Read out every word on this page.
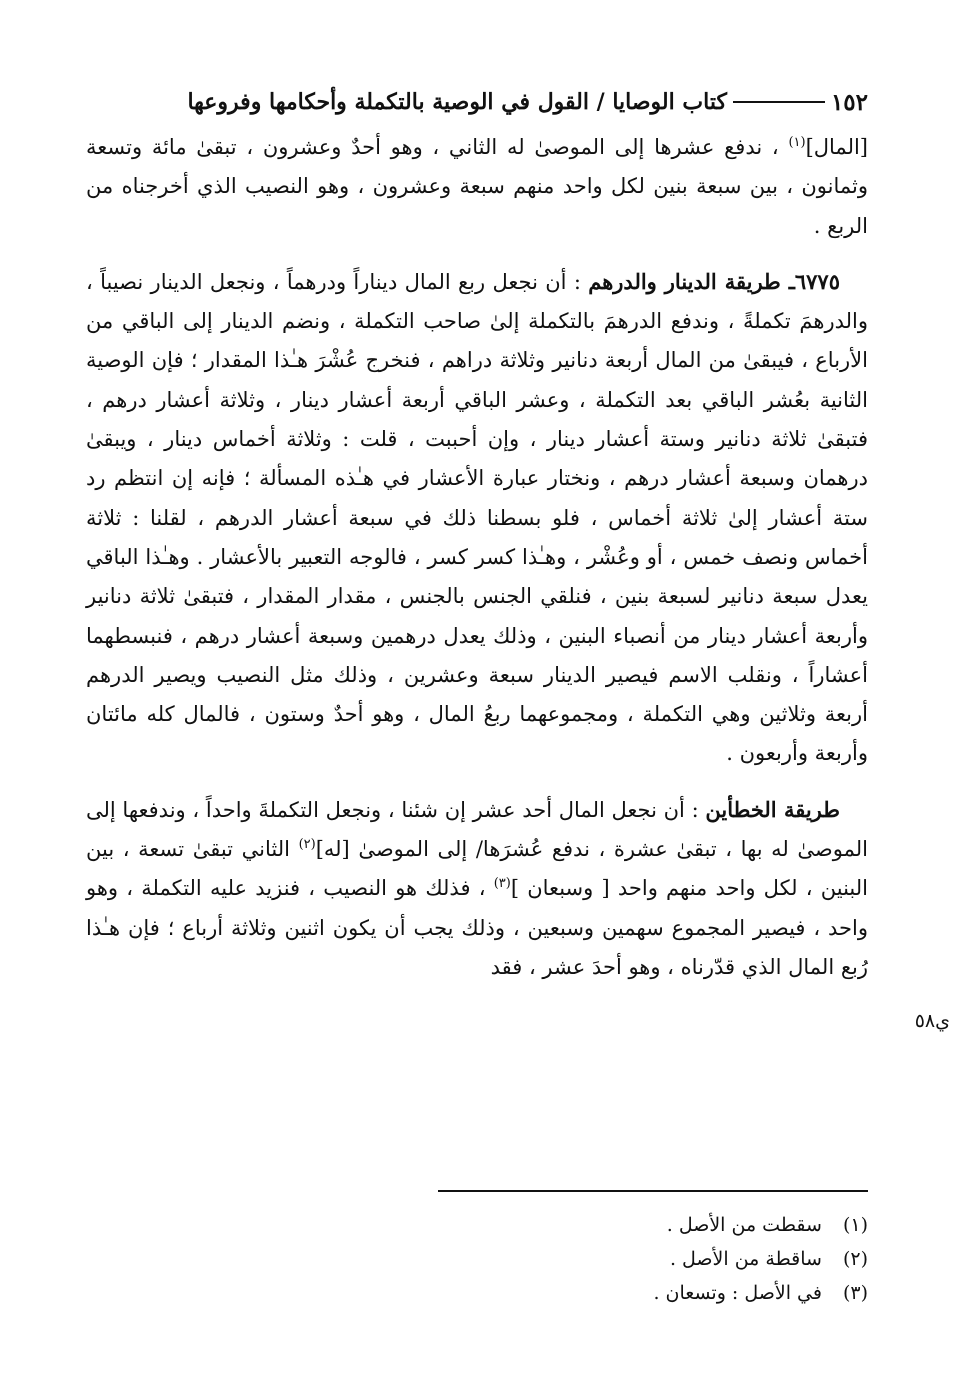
١٥٢
كتاب الوصايا / القول في الوصية بالتكملة وأحكامها وفروعها

[المال]$^{(١)}$ ، ندفع عشرها إلى الموصىٰ له الثاني ، وهو أحدٌ وعشرون ، تبقىٰ مائة وتسعة وثمانون ، بين سبعة بنين لكل واحد منهم سبعة وعشرون ، وهو النصيب الذي أخرجناه من الربع .

٦٧٧٥ـ طريقة الدينار والدرهم : أن نجعل ربع المال ديناراً ودرهماً ، ونجعل الدينار نصيباً ، والدرهمَ تكملةً ، وندفع الدرهمَ بالتكملة إلىٰ صاحب التكملة ، ونضم الدينار إلى الباقي من الأرباع ، فيبقىٰ من المال أربعة دنانير وثلاثة دراهم ، فنخرج عُشْرَ هـٰذا المقدار ؛ فإن الوصية الثانية بعُشر الباقي بعد التكملة ، وعشر الباقي أربعة أعشار دينار ، وثلاثة أعشار درهم ، فتبقىٰ ثلاثة دنانير وستة أعشار دينار ، وإن أحببت ، قلت : وثلاثة أخماس دينار ، ويبقىٰ درهمان وسبعة أعشار درهم ، ونختار عبارة الأعشار في هـٰذه المسألة ؛ فإنه إن انتظم رد ستة أعشار إلىٰ ثلاثة أخماس ، فلو بسطنا ذلك في سبعة أعشار الدرهم ، لقلنا : ثلاثة أخماس ونصف خمس ، أو وعُشْر ، وهـٰذا كسر كسر ، فالوجه التعبير بالأعشار . وهـٰذا الباقي يعدل سبعة دنانير لسبعة بنين ، فنلقي الجنس بالجنس ، مقدار المقدار ، فتبقىٰ ثلاثة دنانير وأربعة أعشار دينار من أنصباء البنين ، وذلك يعدل درهمين وسبعة أعشار درهم ، فنبسطهما أعشاراً ، ونقلب الاسم فيصير الدينار سبعة وعشرين ، وذلك مثل النصيب ويصير الدرهم أربعة وثلاثين وهي التكملة ، ومجموعهما ربعُ المال ، وهو أحدٌ وستون ، فالمال كله مائتان وأربعة وأربعون .

طريقة الخطأين : أن نجعل المال أحد عشر إن شئنا ، ونجعل التكملةَ واحداً ، وندفعها إلى الموصىٰ له بها ، تبقىٰ عشرة ، ندفع عُشرَها/ إلى الموصىٰ [له]$^{(٢)}$ الثاني تبقىٰ تسعة ، بين البنين ، لكل واحد منهم واحد [ وسبعان ]$^{(٣)}$ ، فذلك هو النصيب ، فنزيد عليه التكملة ، وهو واحد ، فيصير المجموع سهمين وسبعين ، وذلك يجب أن يكون اثنين وثلاثة أرباع ؛ فإن هـٰذا رُبع المال الذي قدّرناه ، وهو أحدَ عشر ، فقد

ي٥٨
(١) سقطت من الأصل .
(٢) ساقطة من الأصل .
(٣) في الأصل : وتسعان .
